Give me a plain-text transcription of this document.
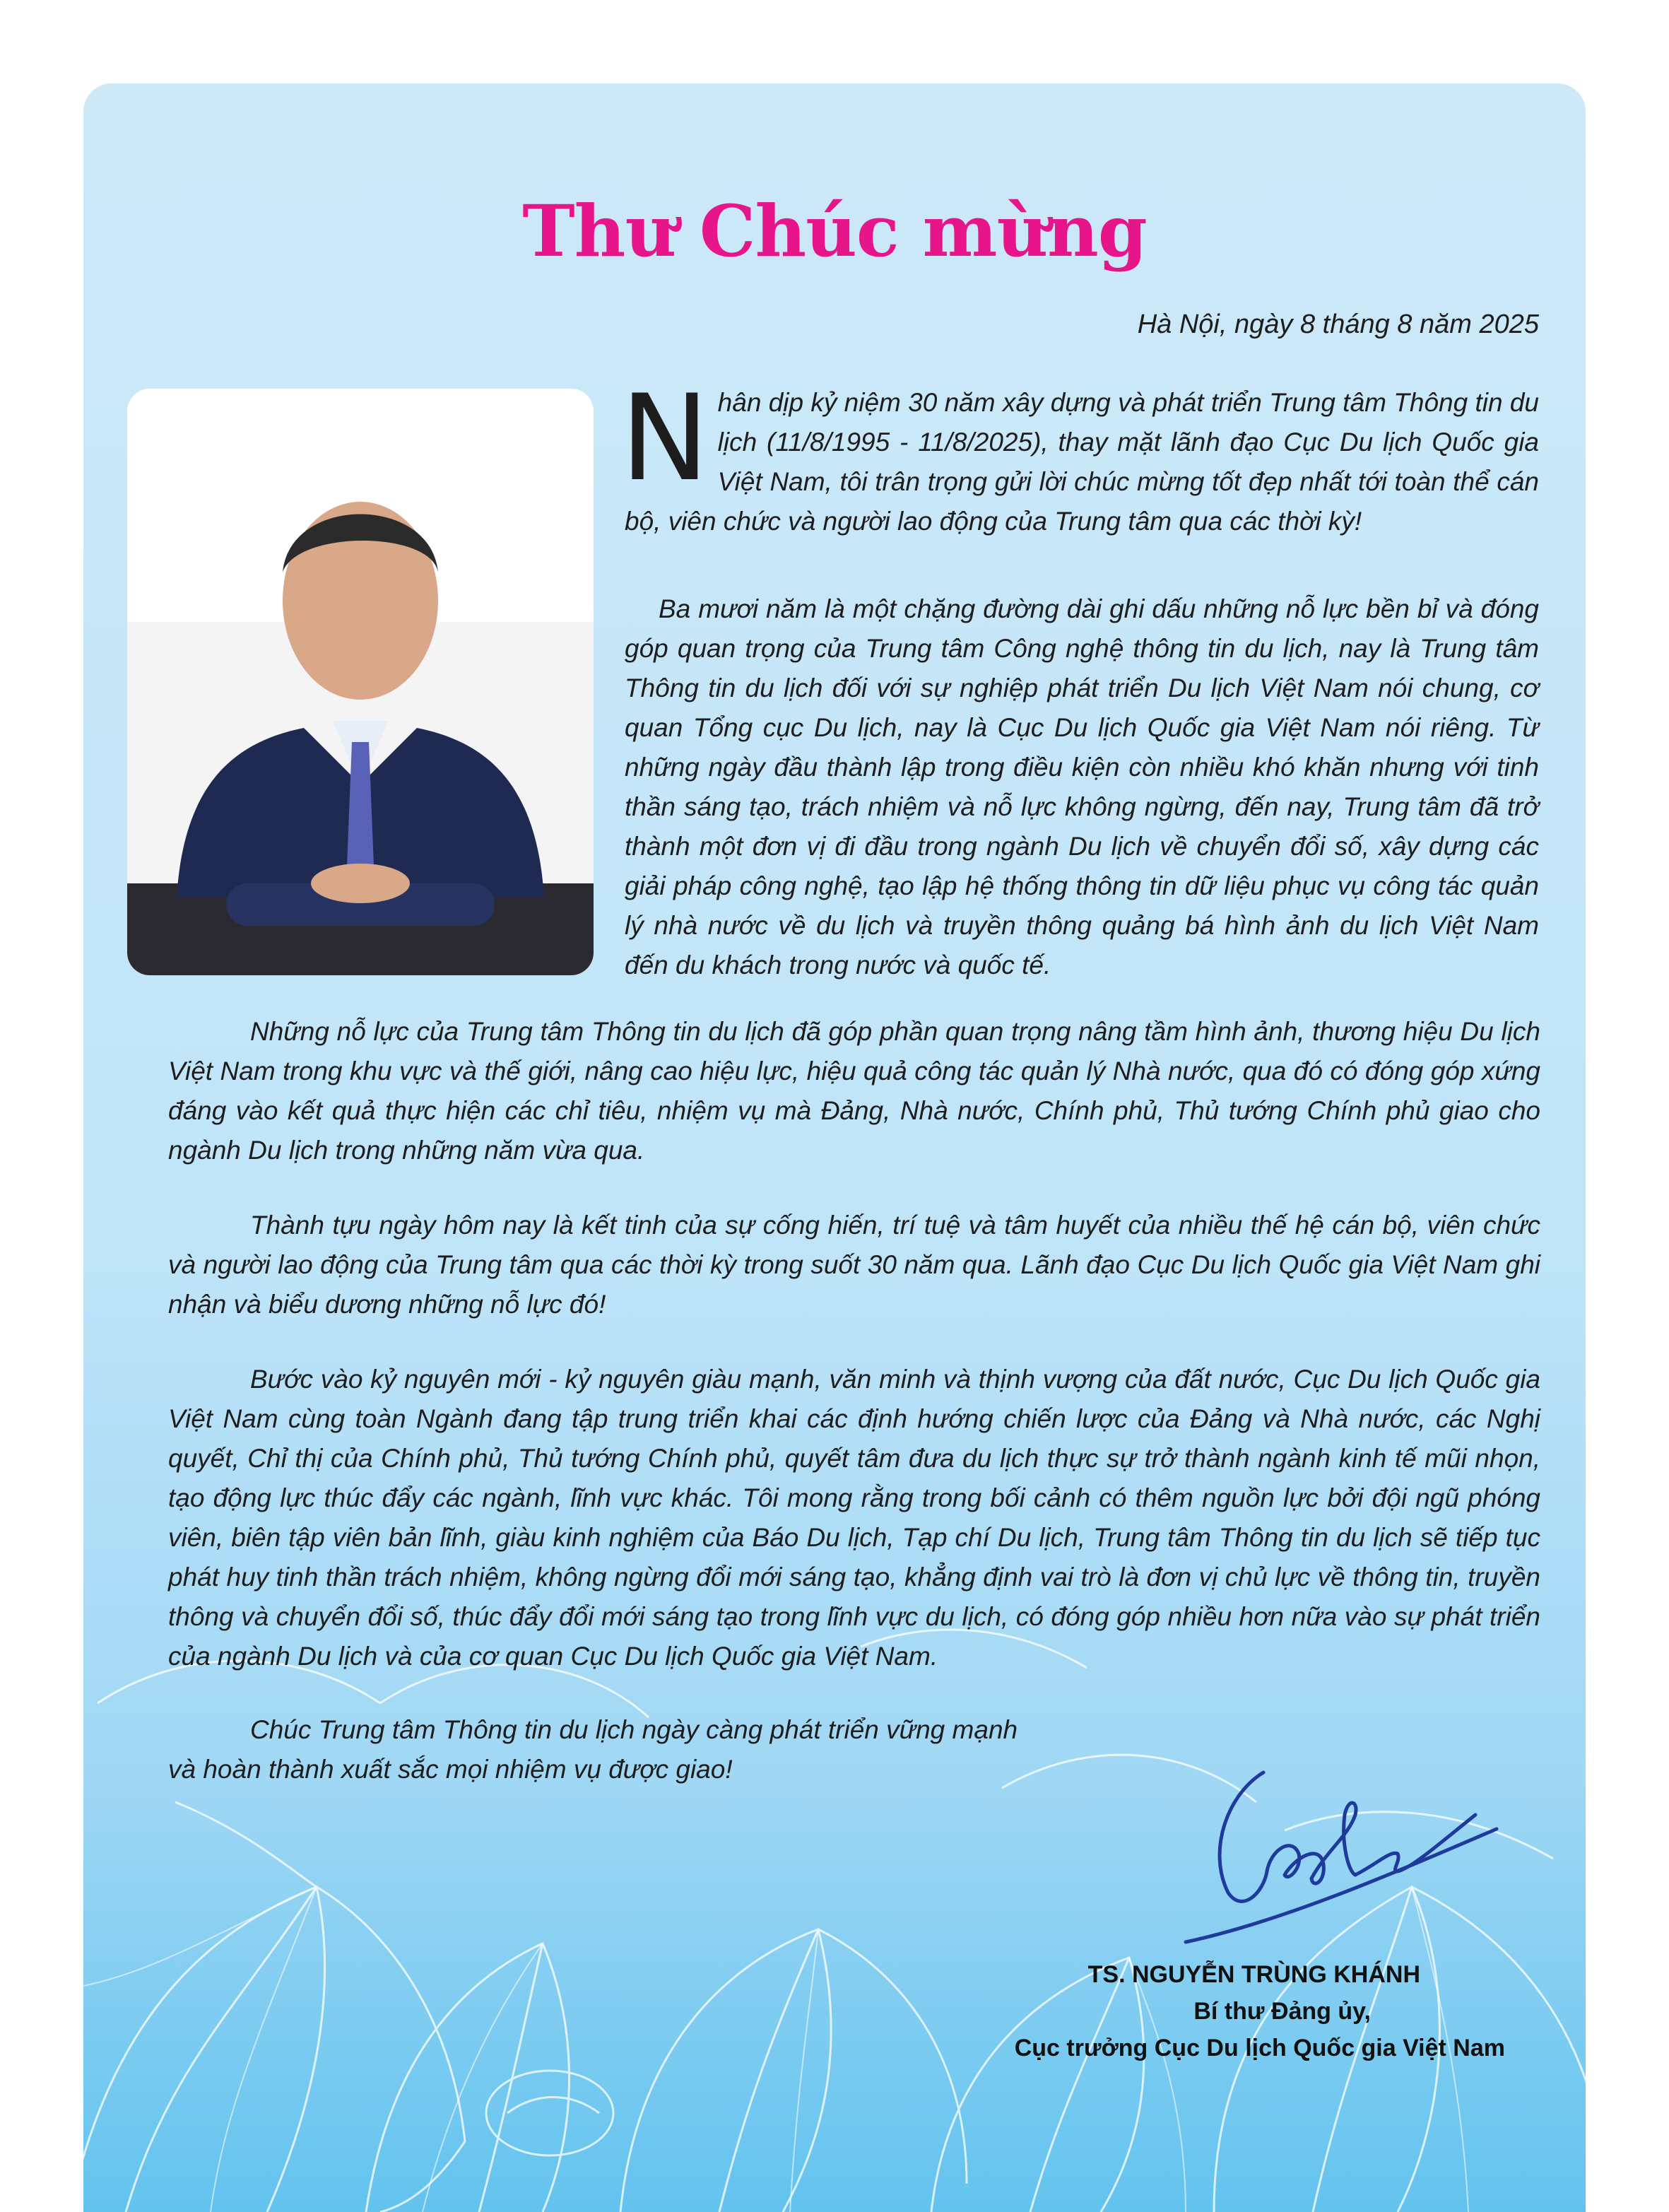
Thư Chúc mừng
Hà Nội, ngày 8 tháng 8 năm 2025

Nhân dịp kỷ niệm 30 năm xây dựng và phát triển Trung tâm Thông tin du lịch (11/8/1995 - 11/8/2025), thay mặt lãnh đạo Cục Du lịch Quốc gia Việt Nam, tôi trân trọng gửi lời chúc mừng tốt đẹp nhất tới toàn thể cán bộ, viên chức và người lao động của Trung tâm qua các thời kỳ!

Ba mươi năm là một chặng đường dài ghi dấu những nỗ lực bền bỉ và đóng góp quan trọng của Trung tâm Công nghệ thông tin du lịch, nay là Trung tâm Thông tin du lịch đối với sự nghiệp phát triển Du lịch Việt Nam nói chung, cơ quan Tổng cục Du lịch, nay là Cục Du lịch Quốc gia Việt Nam nói riêng. Từ những ngày đầu thành lập trong điều kiện còn nhiều khó khăn nhưng với tinh thần sáng tạo, trách nhiệm và nỗ lực không ngừng, đến nay, Trung tâm đã trở thành một đơn vị đi đầu trong ngành Du lịch về chuyển đổi số, xây dựng các giải pháp công nghệ, tạo lập hệ thống thông tin dữ liệu phục vụ công tác quản lý nhà nước về du lịch và truyền thông quảng bá hình ảnh du lịch Việt Nam đến du khách trong nước và quốc tế.

Những nỗ lực của Trung tâm Thông tin du lịch đã góp phần quan trọng nâng tầm hình ảnh, thương hiệu Du lịch Việt Nam trong khu vực và thế giới, nâng cao hiệu lực, hiệu quả công tác quản lý Nhà nước, qua đó có đóng góp xứng đáng vào kết quả thực hiện các chỉ tiêu, nhiệm vụ mà Đảng, Nhà nước, Chính phủ, Thủ tướng Chính phủ giao cho ngành Du lịch trong những năm vừa qua.

Thành tựu ngày hôm nay là kết tinh của sự cống hiến, trí tuệ và tâm huyết của nhiều thế hệ cán bộ, viên chức và người lao động của Trung tâm qua các thời kỳ trong suốt 30 năm qua. Lãnh đạo Cục Du lịch Quốc gia Việt Nam ghi nhận và biểu dương những nỗ lực đó!

Bước vào kỷ nguyên mới - kỷ nguyên giàu mạnh, văn minh và thịnh vượng của đất nước, Cục Du lịch Quốc gia Việt Nam cùng toàn Ngành đang tập trung triển khai các định hướng chiến lược của Đảng và Nhà nước, các Nghị quyết, Chỉ thị của Chính phủ, Thủ tướng Chính phủ, quyết tâm đưa du lịch thực sự trở thành ngành kinh tế mũi nhọn, tạo động lực thúc đẩy các ngành, lĩnh vực khác. Tôi mong rằng trong bối cảnh có thêm nguồn lực bởi đội ngũ phóng viên, biên tập viên bản lĩnh, giàu kinh nghiệm của Báo Du lịch, Tạp chí Du lịch, Trung tâm Thông tin du lịch sẽ tiếp tục phát huy tinh thần trách nhiệm, không ngừng đổi mới sáng tạo, khẳng định vai trò là đơn vị chủ lực về thông tin, truyền thông và chuyển đổi số, thúc đẩy đổi mới sáng tạo trong lĩnh vực du lịch, có đóng góp nhiều hơn nữa vào sự phát triển của ngành Du lịch và của cơ quan Cục Du lịch Quốc gia Việt Nam.

Chúc Trung tâm Thông tin du lịch ngày càng phát triển vững mạnh và hoàn thành xuất sắc mọi nhiệm vụ được giao!

TS. NGUYỄN TRÙNG KHÁNH
Bí thư Đảng ủy,
Cục trưởng Cục Du lịch Quốc gia Việt Nam
